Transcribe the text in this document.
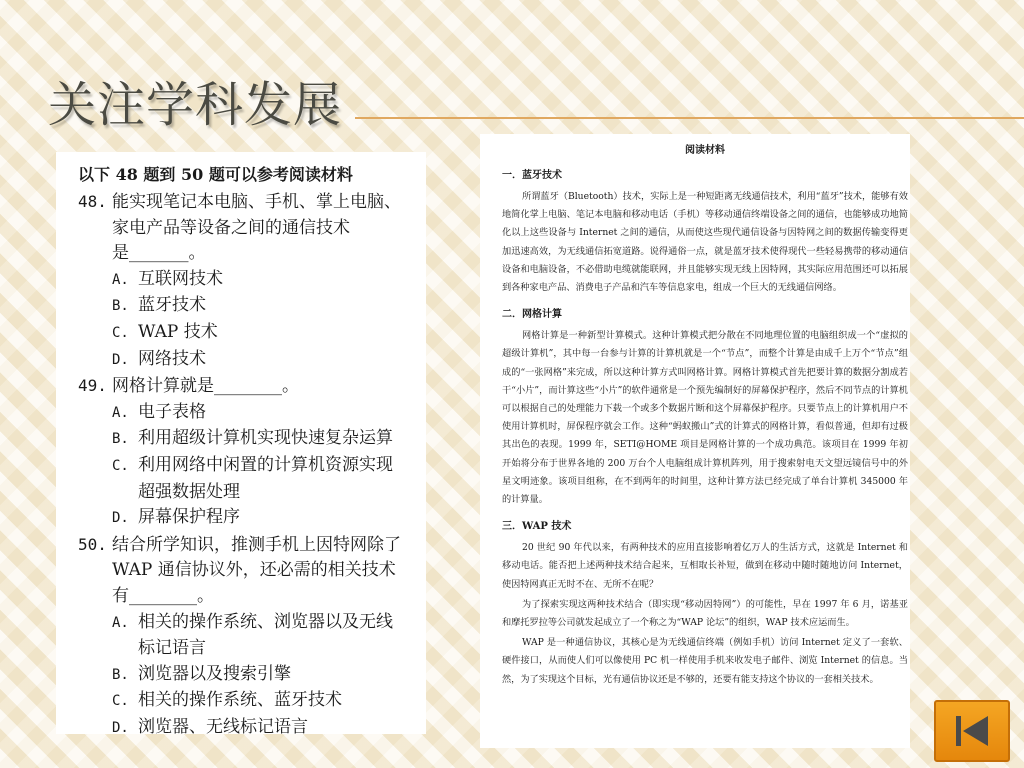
关注学科发展
以下 48 题到 50 题可以参考阅读材料
48. 能实现笔记本电脑、手机、掌上电脑、
家电产品等设备之间的通信技术
是_______。
A. 互联网技术
B. 蓝牙技术
C. WAP 技术
D. 网络技术
49. 网格计算就是________。
A. 电子表格
B. 利用超级计算机实现快速复杂运算
C. 利用网络中闲置的计算机资源实现
超强数据处理
D. 屏幕保护程序
50. 结合所学知识，推测手机上因特网除了
WAP 通信协议外，还必需的相关技术
有________。
A. 相关的操作系统、浏览器以及无线
标记语言
B. 浏览器以及搜索引擎
C. 相关的操作系统、蓝牙技术
D. 浏览器、无线标记语言
阅读材料
一．蓝牙技术

所谓蓝牙（Bluetooth）技术，实际上是一种短距离无线通信技术，利用“蓝牙”技术，能够有效地简化掌上电脑、笔记本电脑和移动电话（手机）等移动通信终端设备之间的通信，也能够成功地简化以上这些设备与 Internet 之间的通信，从而使这些现代通信设备与因特网之间的数据传输变得更加迅速高效，为无线通信拓宽道路。说得通俗一点，就是蓝牙技术使得现代一些轻易携带的移动通信设备和电脑设备，不必借助电缆就能联网，并且能够实现无线上因特网，其实际应用范围还可以拓展到各种家电产品、消费电子产品和汽车等信息家电，组成一个巨大的无线通信网络。

二．网格计算

网格计算是一种新型计算模式。这种计算模式把分散在不同地理位置的电脑组织成一个“虚拟的超级计算机”，其中每一台参与计算的计算机就是一个“节点”，而整个计算是由成千上万个“节点”组成的“一张网格”来完成，所以这种计算方式叫网格计算。网格计算模式首先把要计算的数据分割成若干“小片”，而计算这些“小片”的软件通常是一个预先编制好的屏幕保护程序，然后不同节点的计算机可以根据自己的处理能力下载一个或多个数据片断和这个屏幕保护程序。只要节点上的计算机用户不使用计算机时，屏保程序就会工作。这种“蚂蚁搬山”式的计算式的网格计算，看似普通，但却有过极其出色的表现。1999 年，SETI@HOME 项目是网格计算的一个成功典范。该项目在 1999 年初开始将分布于世界各地的 200 万台个人电脑组成计算机阵列，用于搜索射电天文望远镜信号中的外星文明迹象。该项目组称，在不到两年的时间里，这种计算方法已经完成了单台计算机 345000 年的计算量。

三．WAP 技术

20 世纪 90 年代以来，有两种技术的应用直接影响着亿万人的生活方式，这就是 Internet 和移动电话。能否把上述两种技术结合起来，互相取长补短，做到在移动中随时随地访问 Internet，使因特网真正无时不在、无所不在呢？

为了探索实现这两种技术结合（即实现“移动因特网”）的可能性，早在 1997 年 6 月，诺基亚和摩托罗拉等公司就发起成立了一个称之为“WAP 论坛”的组织，WAP 技术应运而生。

WAP 是一种通信协议，其核心是为无线通信终端（例如手机）访问 Internet 定义了一套软、硬件接口，从而使人们可以像使用 PC 机一样使用手机来收发电子邮件、浏览 Internet 的信息。当然，为了实现这个目标，光有通信协议还是不够的，还要有能支持这个协议的一套相关技术。
